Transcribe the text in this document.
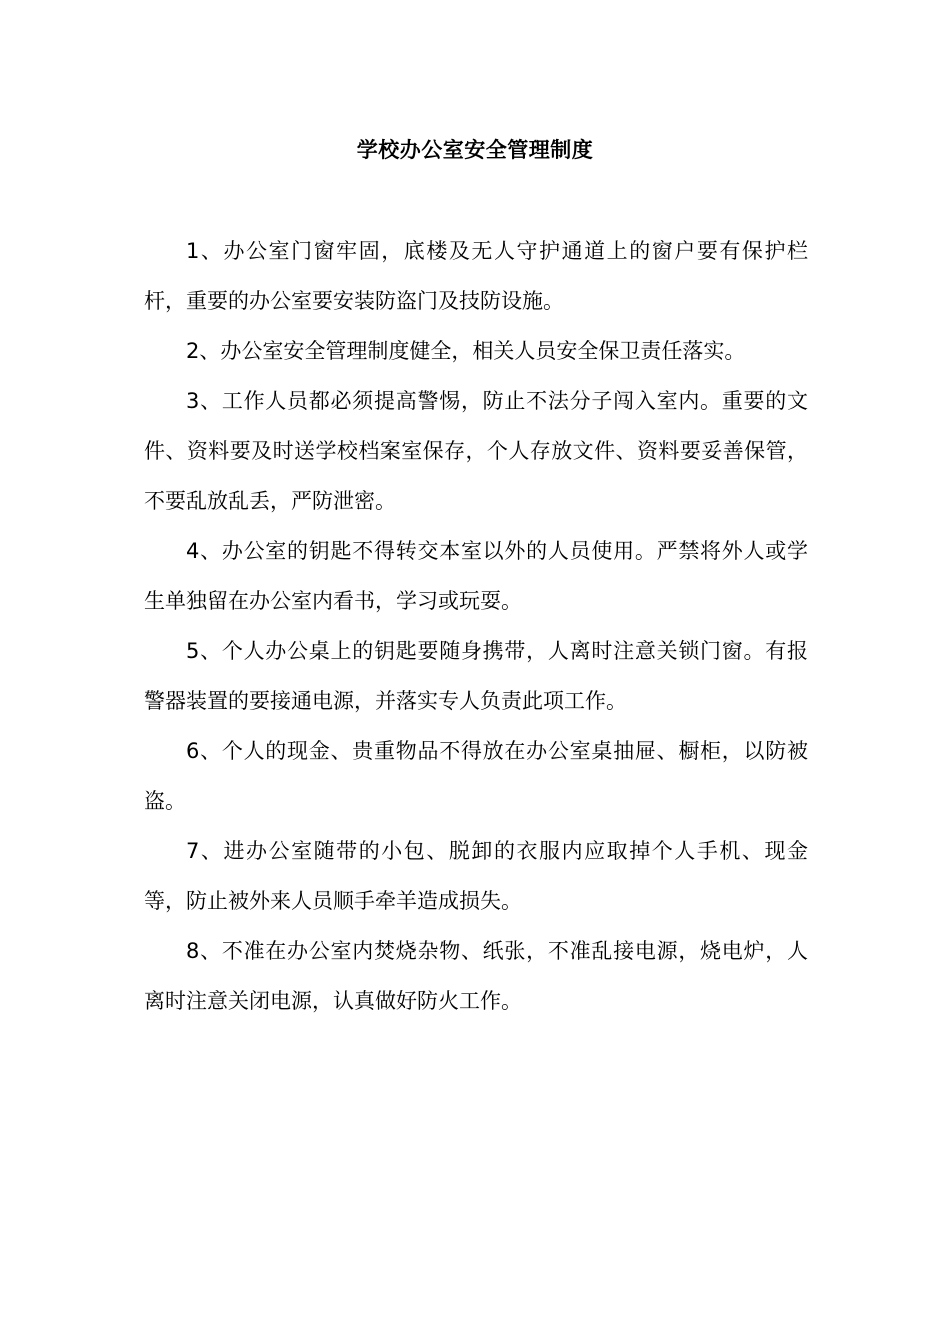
学校办公室安全管理制度

1、办公室门窗牢固，底楼及无人守护通道上的窗户要有保护栏杆，重要的办公室要安装防盗门及技防设施。

2、办公室安全管理制度健全，相关人员安全保卫责任落实。

3、工作人员都必须提高警惕，防止不法分子闯入室内。重要的文件、资料要及时送学校档案室保存，个人存放文件、资料要妥善保管，不要乱放乱丢，严防泄密。

4、办公室的钥匙不得转交本室以外的人员使用。严禁将外人或学生单独留在办公室内看书，学习或玩耍。

5、个人办公桌上的钥匙要随身携带，人离时注意关锁门窗。有报警器装置的要接通电源，并落实专人负责此项工作。

6、个人的现金、贵重物品不得放在办公室桌抽屉、橱柜，以防被盗。

7、进办公室随带的小包、脱卸的衣服内应取掉个人手机、现金等，防止被外来人员顺手牵羊造成损失。

8、不准在办公室内焚烧杂物、纸张，不准乱接电源，烧电炉，人离时注意关闭电源，认真做好防火工作。
